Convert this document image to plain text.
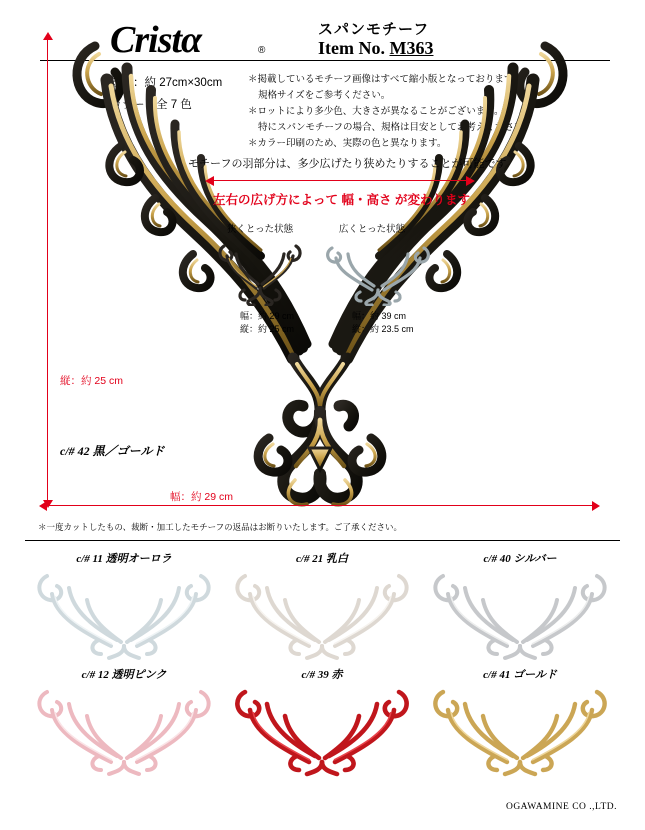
Cristα	®
スパンモチーフ
Item No. M363
規格：約 27cm×30cm
カラー：全 7 色
＊掲載しているモチーフ画像はすべて縮小版となっております。
規格サイズをご参考ください。
＊ロットにより多少色、大きさが異なることがございます。
特にスパンモチーフの場合、規格は目安としてお考えください。
＊カラー印刷のため、実際の色と異なります。
縦：約 25 cm
幅：約 29 cm
c/# 42 黒／ゴールド
モチーフの羽部分は、多少広げたり狭めたりすることが可能です
左右の広げ方によって 幅・高さ が変わります
狭くとった状態	広くとった状態
幅：約 29 cm
縦：約 25 cm
幅：約 39 cm
縦：約 23.5 cm
＊一度カットしたもの、裁断・加工したモチーフの返品はお断りいたします。ご了承ください。
c/# 11 透明オーロラ	c/# 21 乳白	c/# 40 シルバー
c/# 12 透明ピンク	c/# 39 赤	c/# 41 ゴールド
OGAWAMINE CO .,LTD.
